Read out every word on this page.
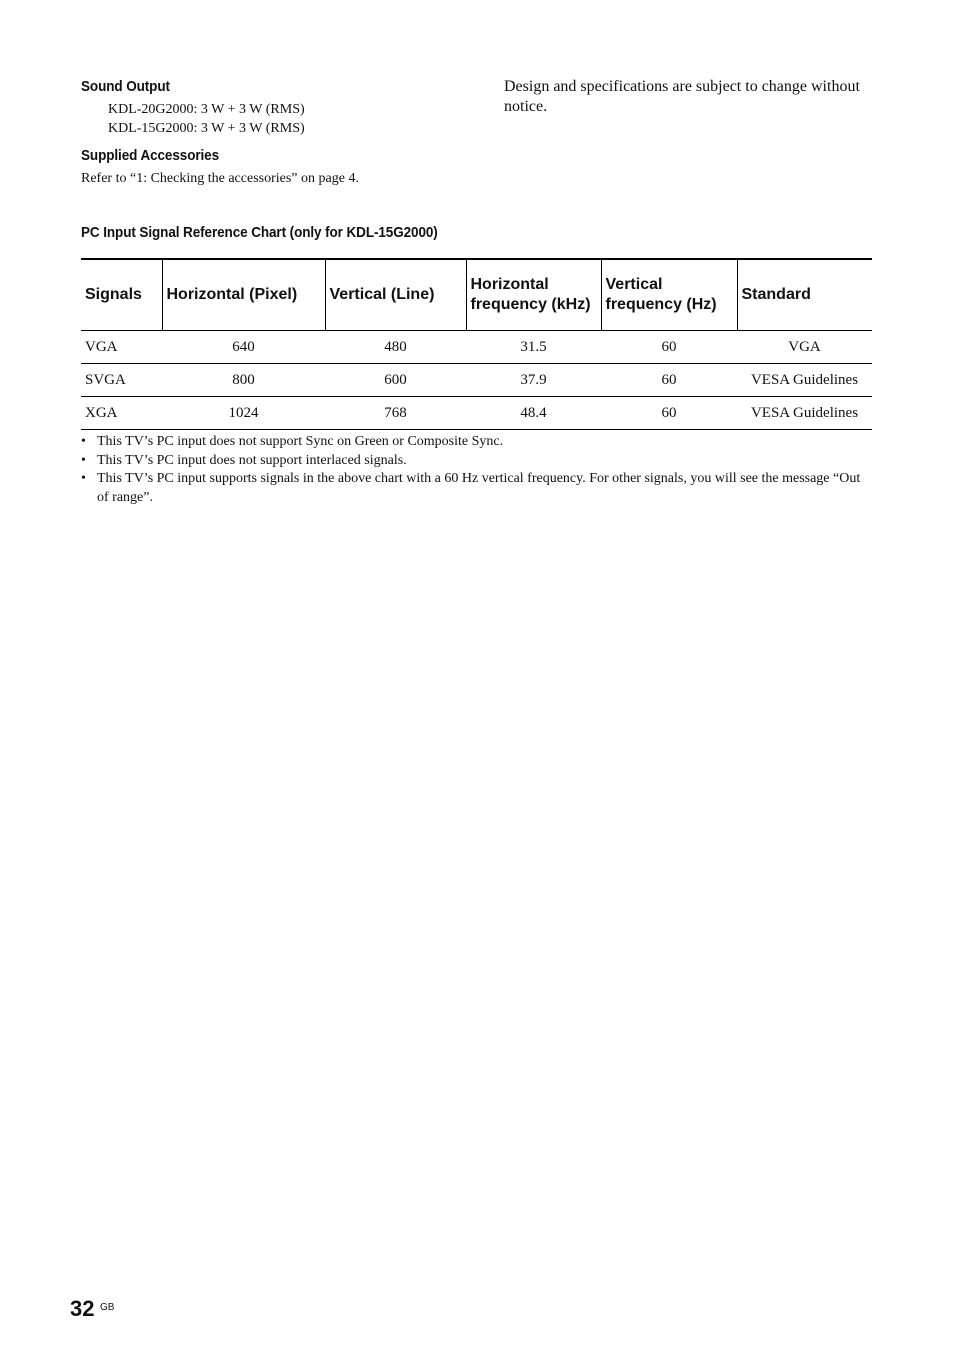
Sound Output
KDL-20G2000: 3 W + 3 W (RMS)
KDL-15G2000: 3 W + 3 W (RMS)
Supplied Accessories
Refer to “1: Checking the accessories” on page 4.
Design and specifications are subject to change without notice.
PC Input Signal Reference Chart (only for KDL-15G2000)
Signals	Horizontal (Pixel)	Vertical (Line)	Horizontal frequency (kHz)	Vertical frequency (Hz)	Standard
VGA	640	480	31.5	60	VGA
SVGA	800	600	37.9	60	VESA Guidelines
XGA	1024	768	48.4	60	VESA Guidelines
• This TV’s PC input does not support Sync on Green or Composite Sync.
• This TV’s PC input does not support interlaced signals.
• This TV’s PC input supports signals in the above chart with a 60 Hz vertical frequency. For other signals, you will see the message “Out of range”.
32 GB
